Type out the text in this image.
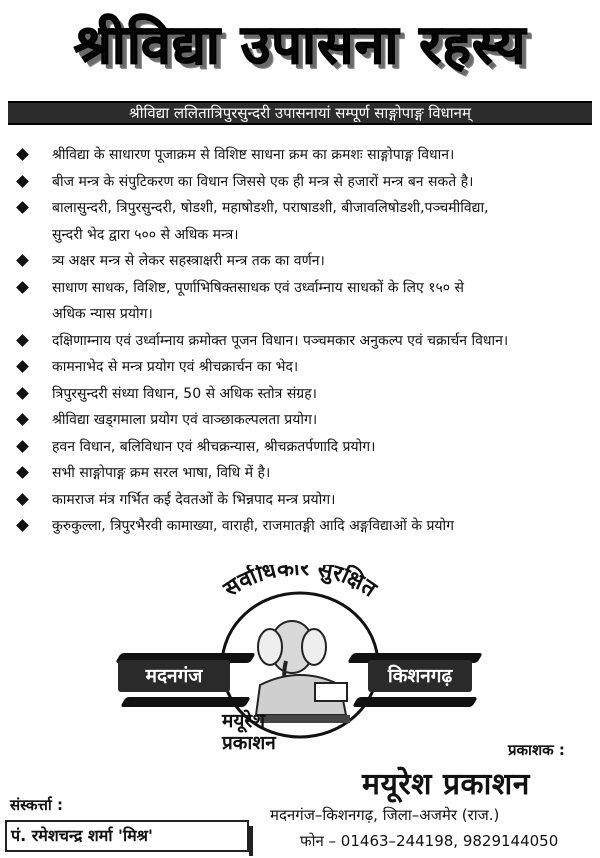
श्रीविद्या उपासना रहस्य
श्रीविद्या ललितात्रिपुरसुन्दरी उपासनायां सम्पूर्ण साङ्गोपाङ्ग विधानम्
श्रीविद्या के साधारण पूजाक्रम से विशिष्ट साधना क्रम का क्रमशः साङ्गोपाङ्ग विधान।
बीज मन्त्र के संपुटिकरण का विधान जिससे एक ही मन्त्र से हजारों मन्त्र बन सकते है।
बालासुन्दरी, त्रिपुरसुन्दरी, षोडशी, महाषोडशी, पराषाडशी, बीजावलिषोडशी,पञ्चमीविद्या,
सुन्दरी भेद द्वारा ५०० से अधिक मन्त्र।
त्र्य अक्षर मन्त्र से लेकर सहस्त्राक्षरी मन्त्र तक का वर्णन।
साधाण साधक, विशिष्ट, पूर्णाभिषिक्तसाधक एवं उर्ध्वाम्नाय साधकों के लिए १५० से
अधिक न्यास प्रयोग।
दक्षिणाम्नाय एवं उर्ध्वाम्नाय क्रमोक्त पूजन विधान। पञ्चमकार अनुकल्प एवं चक्रार्चन विधान।
कामनाभेद से मन्त्र प्रयोग एवं श्रीचक्रार्चन का भेद।
त्रिपुरसुन्दरी संध्या विधान, 50 से अधिक स्तोत्र संग्रह।
श्रीविद्या खड्गमाला प्रयोग एवं वाञ्छाकल्पलता प्रयोग।
हवन विधान, बलिविधान एवं श्रीचक्रन्यास, श्रीचक्रतर्पणादि प्रयोग।
सभी साङ्गोपाङ्ग क्रम सरल भाषा, विधि में है।
कामराज मंत्र गर्भित कई देवतओं के भिन्नपाद मन्त्र प्रयोग।
कुरुकुल्ला, त्रिपुरभैरवी कामाख्या, वाराही, राजमातङ्गी आदि अङ्गविद्याओं के प्रयोग
सर्वाधिकार सुरक्षित
मदनगंज	किशनगढ़
मयूरेश
प्रकाशन	प्रकाशक :
मयूरेश प्रकाशन
मदनगंज–किशनगढ़, जिला–अजमेर (राज.)
फोन – 01463–244198, 9829144050
संस्कर्त्ता :
पं. रमेशचन्द्र शर्मा 'मिश्र'
